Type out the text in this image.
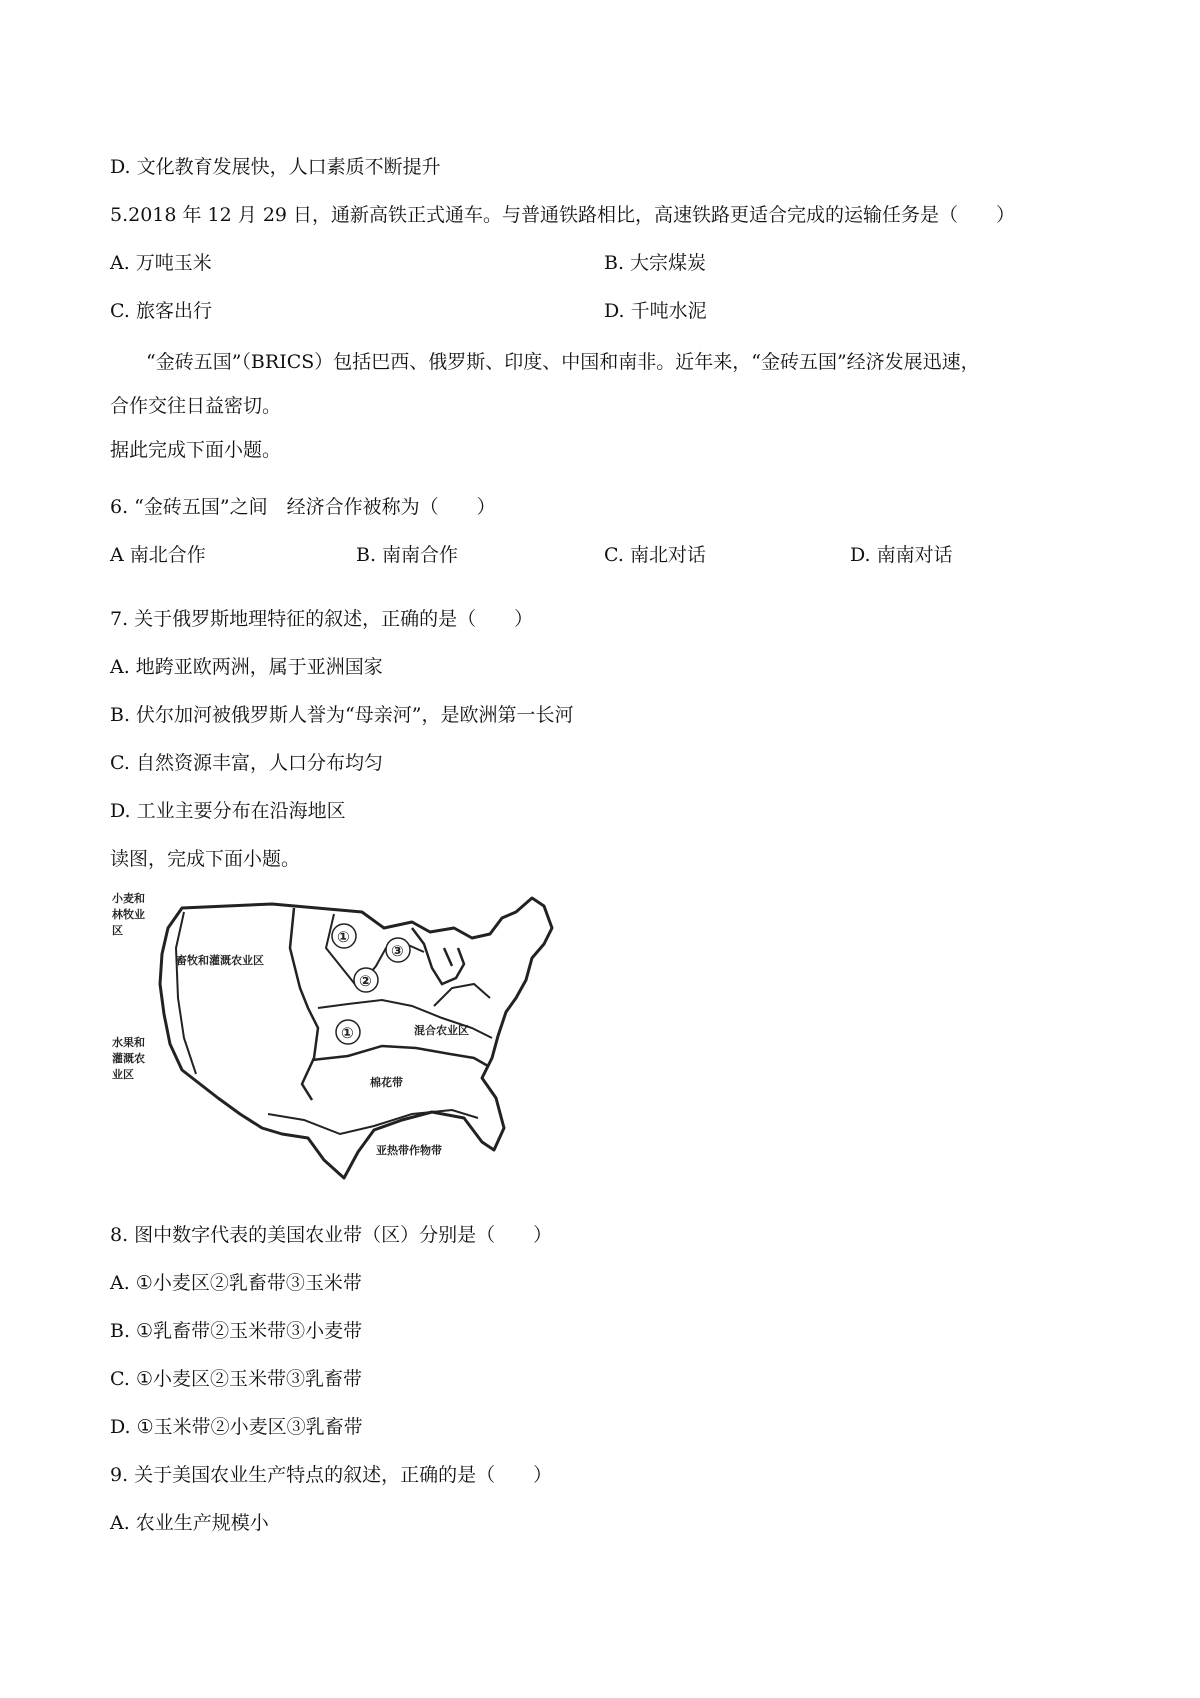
D. 文化教育发展快，人口素质不断提升
5.2018 年 12 月 29 日，通新高铁正式通车。与普通铁路相比，高速铁路更适合完成的运输任务是（　　）
A. 万吨玉米	B. 大宗煤炭
C. 旅客出行	D. 千吨水泥
“金砖五国”（BRICS）包括巴西、俄罗斯、印度、中国和南非。近年来，“金砖五国”经济发展迅速，
合作交往日益密切。
据此完成下面小题。
6. “金砖五国”之间　经济合作被称为（　　）
A 南北合作	B. 南南合作	C. 南北对话	D. 南南对话
7. 关于俄罗斯地理特征的叙述，正确的是（　　）
A. 地跨亚欧两洲，属于亚洲国家
B. 伏尔加河被俄罗斯人誉为“母亲河”，是欧洲第一长河
C. 自然资源丰富，人口分布均匀
D. 工业主要分布在沿海地区
读图，完成下面小题。
①
②
③
①
小麦和
林牧业
区
畜牧和灌溉农业区
水果和
灌溉农
业区
混合农业区
棉花带
亚热带作物带
8. 图中数字代表的美国农业带（区）分别是（　　）
A. ①小麦区②乳畜带③玉米带
B. ①乳畜带②玉米带③小麦带
C. ①小麦区②玉米带③乳畜带
D. ①玉米带②小麦区③乳畜带
9. 关于美国农业生产特点的叙述，正确的是（　　）
A. 农业生产规模小
